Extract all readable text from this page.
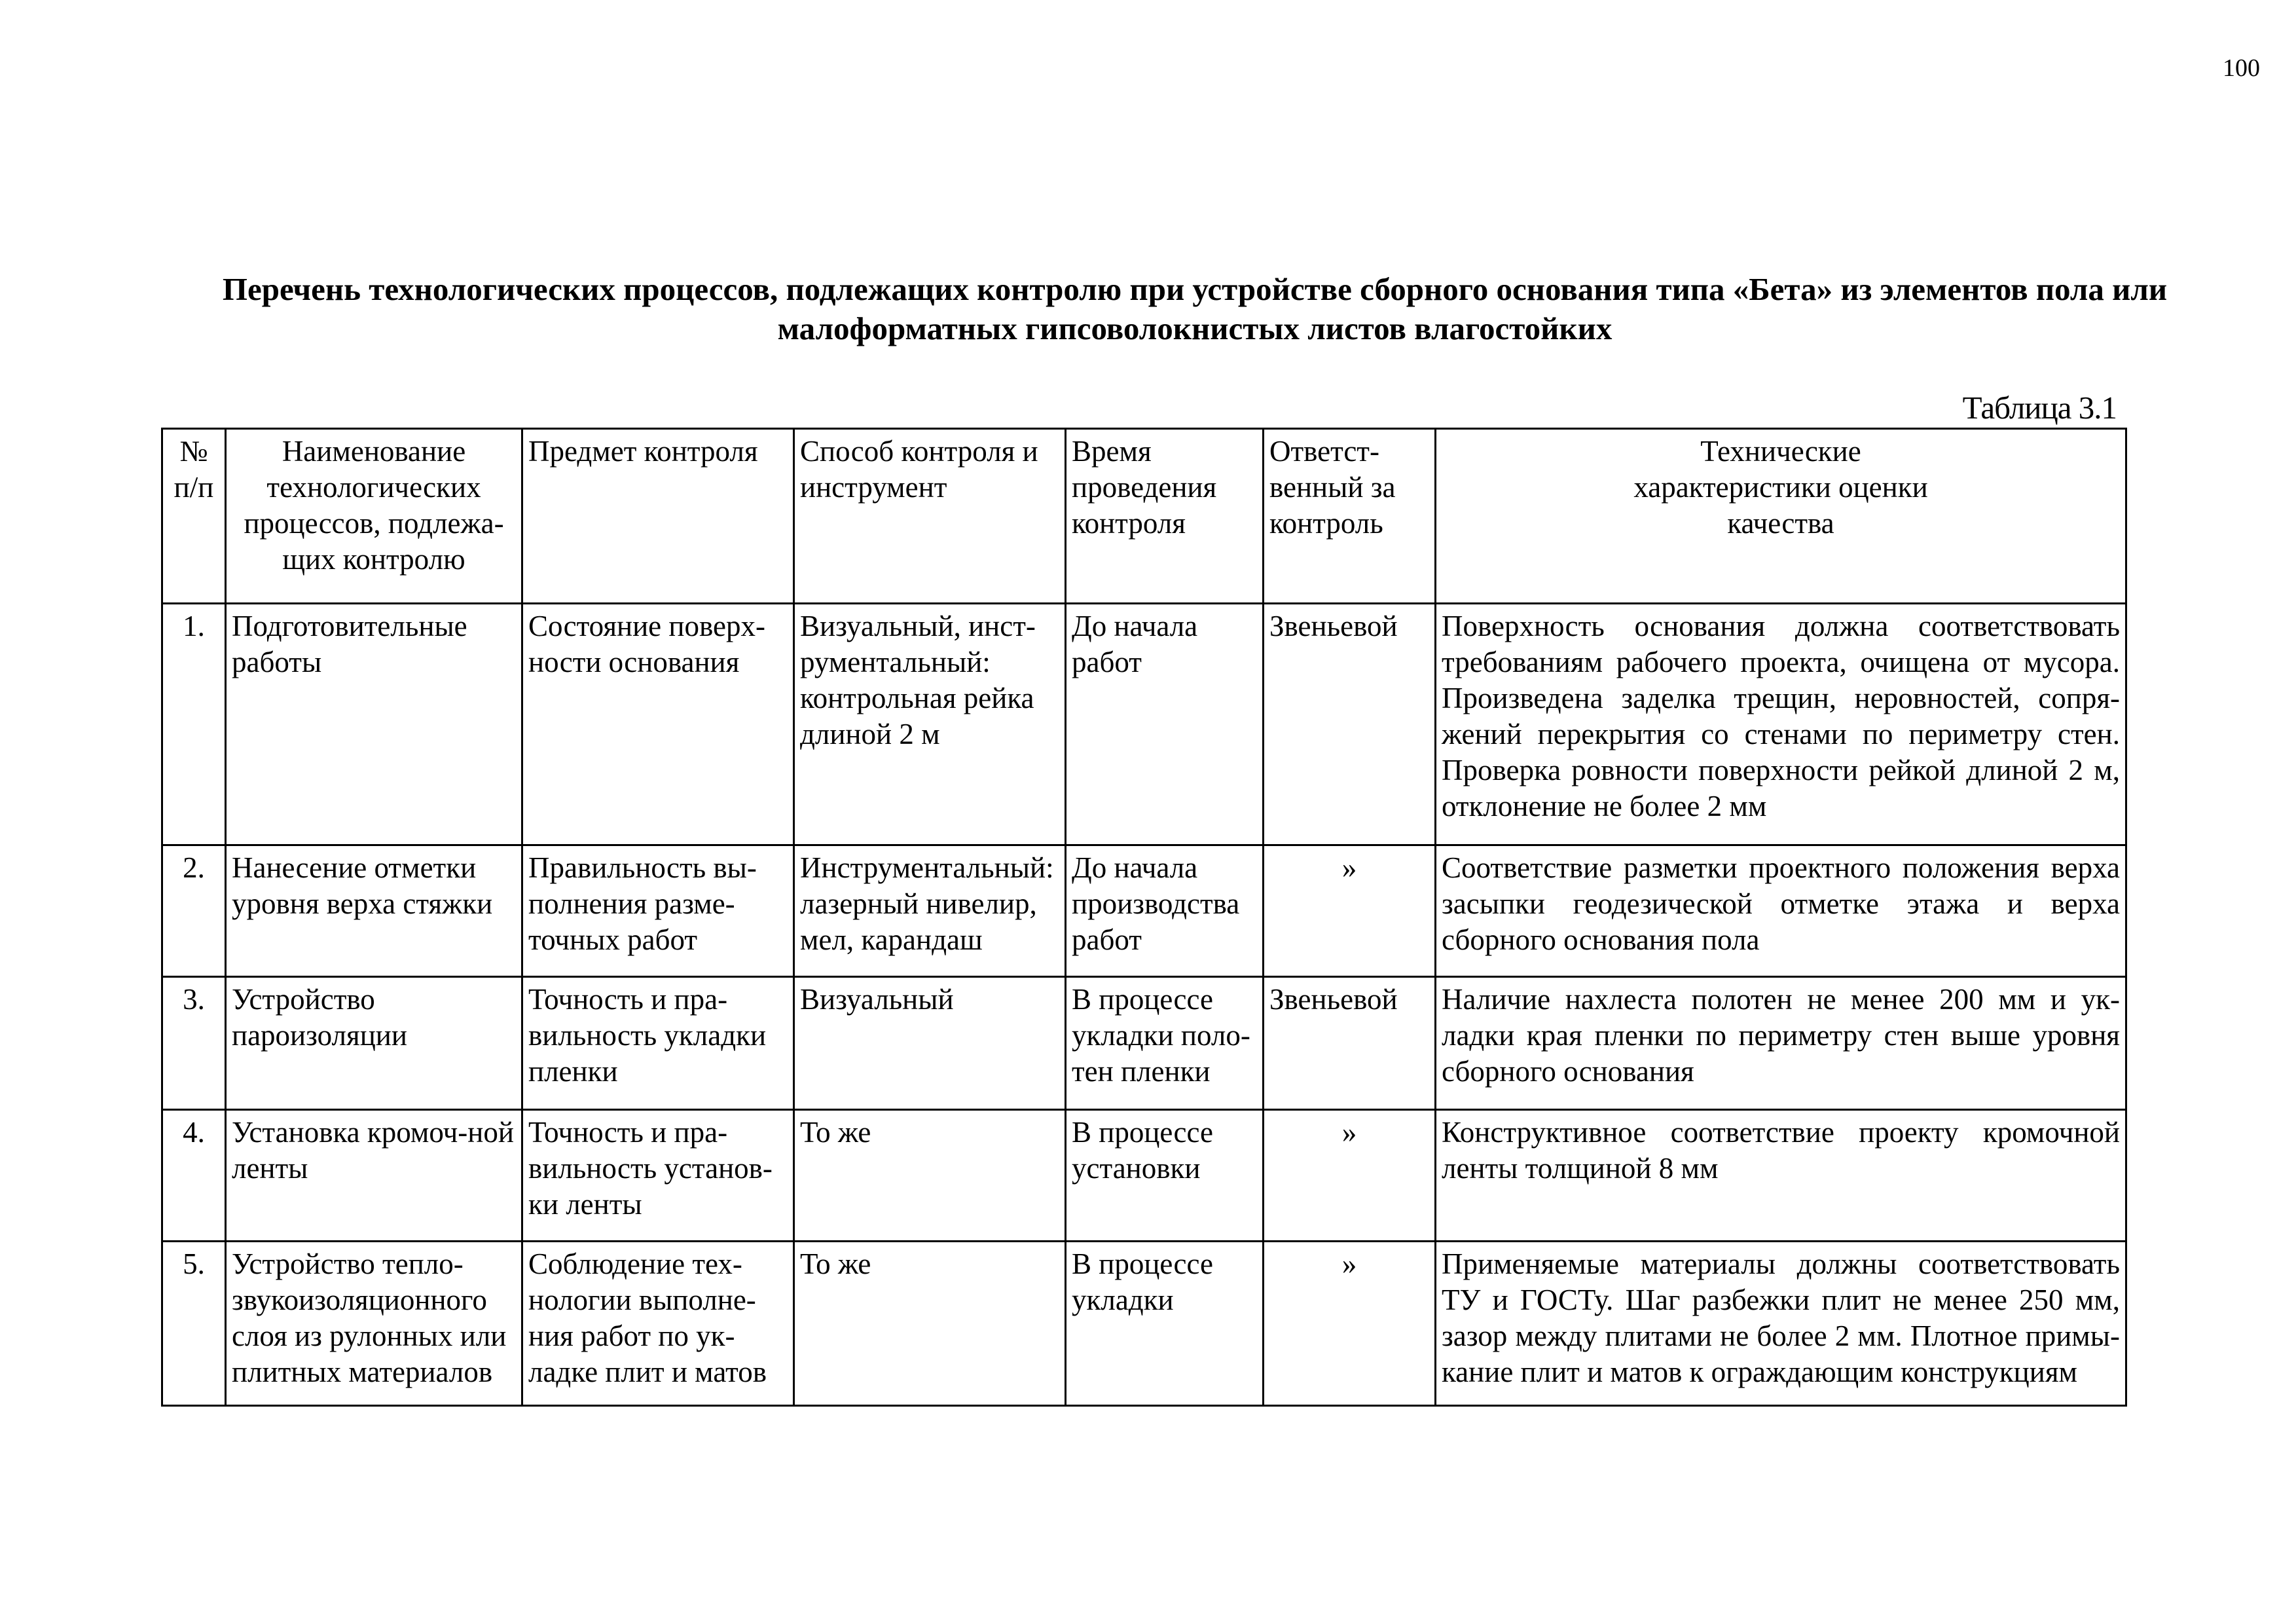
100
Перечень технологических процессов, подлежащих контролю при устройстве сборного основания типа «Бета» из элементов пола или малоформатных гипсоволокнистых листов влагостойких
Таблица 3.1
№ п/п	Наименование технологических процессов, подлежа-щих контролю	Предмет контроля	Способ контроля и инструмент	Время проведения контроля	Ответст-венный за контроль	Технические характеристики оценки качества
1.	Подготовительные работы	Состояние поверх-ности основания	Визуальный, инст-рументальный: контрольная рейка длиной 2 м	До начала работ	Звеньевой	Поверхность основания должна соответствовать требованиям рабочего проекта, очищена от мусора. Произведена заделка трещин, неровностей, сопря-жений перекрытия со стенами по периметру стен. Проверка ровности поверхности рейкой длиной 2 м, отклонение не более 2 мм
2.	Нанесение отметки уровня верха стяжки	Правильность вы-полнения разме-точных работ	Инструментальный: лазерный нивелир, мел, карандаш	До начала производства работ	»	Соответствие разметки проектного положения верха засыпки геодезической отметке этажа и верха сборного основания пола
3.	Устройство пароизоляции	Точность и пра-вильность укладки пленки	Визуальный	В процессе укладки поло-тен пленки	Звеньевой	Наличие нахлеста полотен не менее 200 мм и ук-ладки края пленки по периметру стен выше уровня сборного основания
4.	Установка кромоч-ной ленты	Точность и пра-вильность установ-ки ленты	То же	В процессе установки	»	Конструктивное соответствие проекту кромочной ленты толщиной 8 мм
5.	Устройство тепло-звукоизоляционного слоя из рулонных или плитных материалов	Соблюдение тех-нологии выполне-ния работ по ук-ладке плит и матов	То же	В процессе укладки	»	Применяемые материалы должны соответствовать ТУ и ГОСТу. Шаг разбежки плит не менее 250 мм, зазор между плитами не более 2 мм. Плотное примы-кание плит и матов к ограждающим конструкциям
